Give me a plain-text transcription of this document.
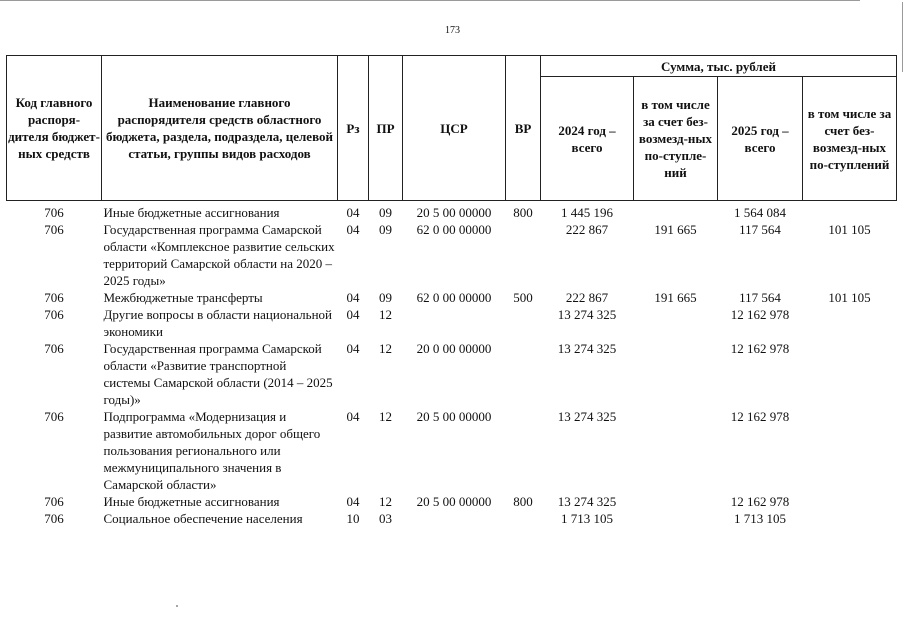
173
Код главного распоря-дителя бюджет-ных средств	Наименование главного распорядителя средств областного бюджета, раздела, подраздела, целевой статьи, группы видов расходов	Рз	ПР	ЦСР	ВР	Сумма, тыс. рублей			
						2024 год – всего	в том числе за счет без-возмезд-ных по-ступле-ний	2025 год – всего	в том числе за счет без-возмезд-ных по-ступлений
706	Иные бюджетные ассигнования	04	09	20 5 00 00000	800	1 445 196		1 564 084	
706	Государственная программа Самарской области «Комплексное развитие сельских территорий Самарской области на 2020 – 2025 годы»	04	09	62 0 00 00000		222 867	191 665	117 564	101 105
706	Межбюджетные трансферты	04	09	62 0 00 00000	500	222 867	191 665	117 564	101 105
706	Другие вопросы в области национальной экономики	04	12			13 274 325		12 162 978	
706	Государственная программа Самарской области «Развитие транспортной системы Самарской области (2014 – 2025 годы)»	04	12	20 0 00 00000		13 274 325		12 162 978	
706	Подпрограмма «Модернизация и развитие автомобильных дорог общего пользования регионального или межмуниципального значения в Самарской области»	04	12	20 5 00 00000		13 274 325		12 162 978	
706	Иные бюджетные ассигнования	04	12	20 5 00 00000	800	13 274 325		12 162 978	
706	Социальное обеспечение населения	10	03			1 713 105		1 713 105	
